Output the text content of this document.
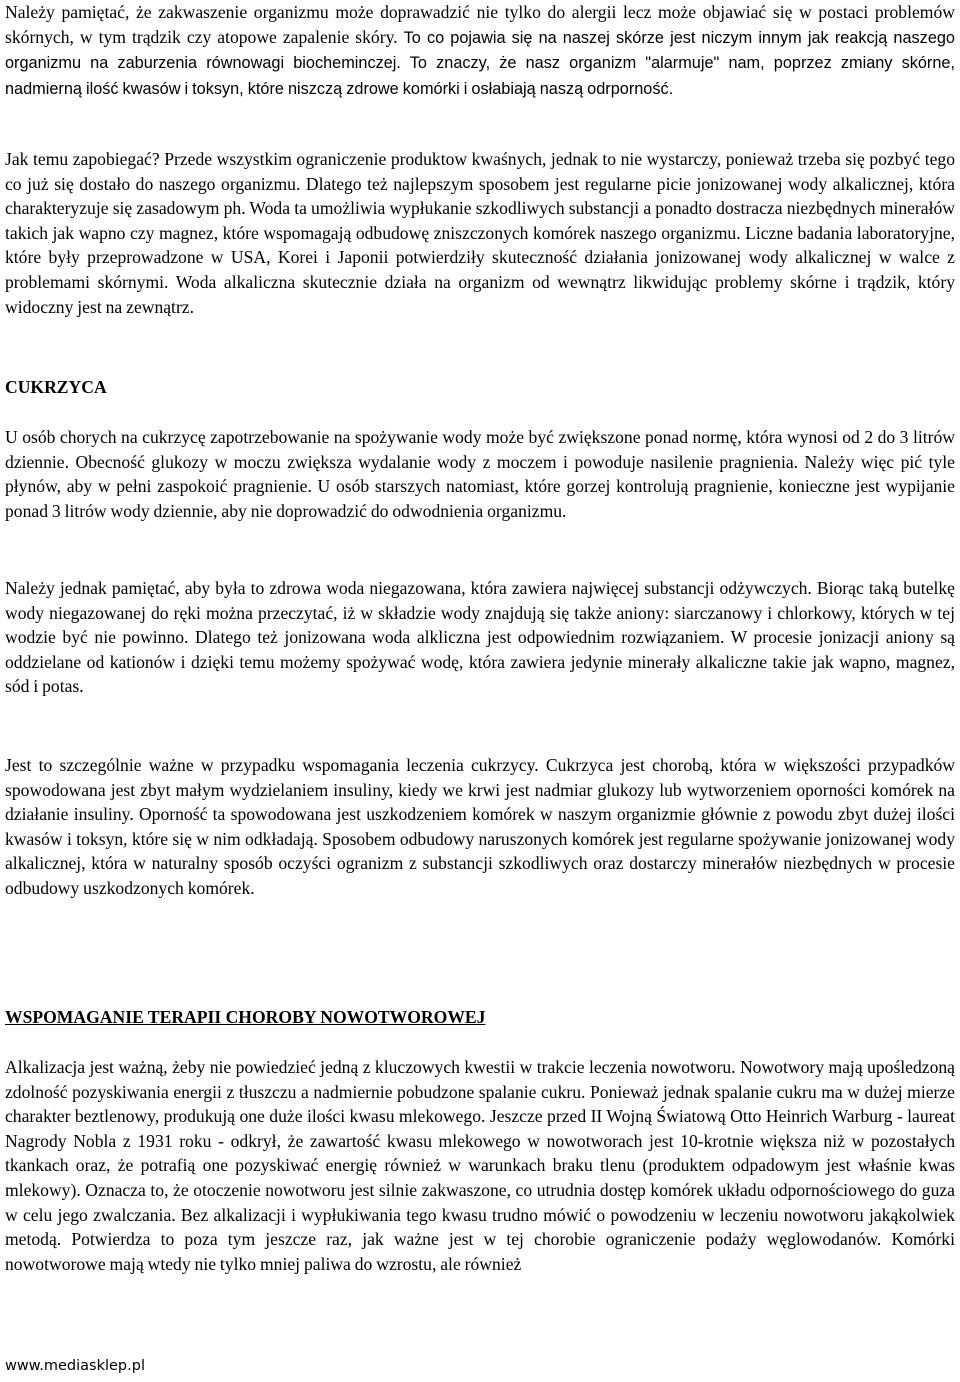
Należy pamiętać, że zakwaszenie organizmu może doprawadzić nie tylko do alergii lecz może objawiać się w postaci problemów skórnych, w tym trądzik czy atopowe zapalenie skóry. To co pojawia się na naszej skórze jest niczym innym jak reakcją naszego organizmu na zaburzenia równowagi biocheminczej. To znaczy, że nasz organizm "alarmuje" nam, poprzez zmiany skórne, nadmierną ilość kwasów i toksyn, które niszczą zdrowe komórki i osłabiają naszą odrporność.

Jak temu zapobiegać? Przede wszystkim ograniczenie produktow kwaśnych, jednak to nie wystarczy, ponieważ trzeba się pozbyć tego co już się dostało do naszego organizmu. Dlatego też najlepszym sposobem jest regularne picie jonizowanej wody alkalicznej, która charakteryzuje się zasadowym ph. Woda ta umożliwia wypłukanie szkodliwych substancji a ponadto dostracza niezbędnych minerałów takich jak wapno czy magnez, które wspomagają odbudowę zniszczonych komórek naszego organizmu. Liczne badania laboratoryjne, które były przeprowadzone w USA, Korei i Japonii potwierdziły skuteczność działania jonizowanej wody alkalicznej w walce z problemami skórnymi. Woda alkaliczna skutecznie działa na organizm od wewnątrz likwidując problemy skórne i trądzik, który widoczny jest na zewnątrz.

CUKRZYCA

U osób chorych na cukrzycę zapotrzebowanie na spożywanie wody może być zwiększone ponad normę, która wynosi od 2 do 3 litrów dziennie. Obecność glukozy w moczu zwiększa wydalanie wody z moczem i powoduje nasilenie pragnienia. Należy więc pić tyle płynów, aby w pełni zaspokoić pragnienie. U osób starszych natomiast, które gorzej kontrolują pragnienie, konieczne jest wypijanie ponad 3 litrów wody dziennie, aby nie doprowadzić do odwodnienia organizmu.

Należy jednak pamiętać, aby była to zdrowa woda niegazowana, która zawiera najwięcej substancji odżywczych. Biorąc taką butelkę wody niegazowanej do ręki można przeczytać, iż w składzie wody znajdują się także aniony: siarczanowy i chlorkowy, których w tej wodzie być nie powinno. Dlatego też jonizowana woda alkliczna jest odpowiednim rozwiązaniem. W procesie jonizacji aniony są oddzielane od kationów i dzięki temu możemy spożywać wodę, która zawiera jedynie minerały alkaliczne takie jak wapno, magnez, sód i potas.

Jest to szczególnie ważne w przypadku wspomagania leczenia cukrzycy. Cukrzyca jest chorobą, która w większości przypadków spowodowana jest zbyt małym wydzielaniem insuliny, kiedy we krwi jest nadmiar glukozy lub wytworzeniem oporności komórek na działanie insuliny. Oporność ta spowodowana jest uszkodzeniem komórek w naszym organizmie głównie z powodu zbyt dużej ilości kwasów i toksyn, które się w nim odkładają. Sposobem odbudowy naruszonych komórek jest regularne spożywanie jonizowanej wody alkalicznej, która w naturalny sposób oczyści ogranizm z substancji szkodliwych oraz dostarczy minerałów niezbędnych w procesie odbudowy uszkodzonych komórek.

WSPOMAGANIE TERAPII CHOROBY NOWOTWOROWEJ

Alkalizacja jest ważną, żeby nie powiedzieć jedną z kluczowych kwestii w trakcie leczenia nowotworu. Nowotwory mają upośledzoną zdolność pozyskiwania energii z tłuszczu a nadmiernie pobudzone spalanie cukru. Ponieważ jednak spalanie cukru ma w dużej mierze charakter beztlenowy, produkują one duże ilości kwasu mlekowego. Jeszcze przed II Wojną Światową Otto Heinrich Warburg - laureat Nagrody Nobla z 1931 roku - odkrył, że zawartość kwasu mlekowego w nowotworach jest 10-krotnie większa niż w pozostałych tkankach oraz, że potrafią one pozyskiwać energię również w warunkach braku tlenu (produktem odpadowym jest właśnie kwas mlekowy). Oznacza to, że otoczenie nowotworu jest silnie zakwaszone, co utrudnia dostęp komórek układu odpornościowego do guza w celu jego zwalczania. Bez alkalizacji i wypłukiwania tego kwasu trudno mówić o powodzeniu w leczeniu nowotworu jakąkolwiek metodą. Potwierdza to poza tym jeszcze raz, jak ważne jest w tej chorobie ograniczenie podaży węglowodanów. Komórki nowotworowe mają wtedy nie tylko mniej paliwa do wzrostu, ale również

www.mediasklep.pl
